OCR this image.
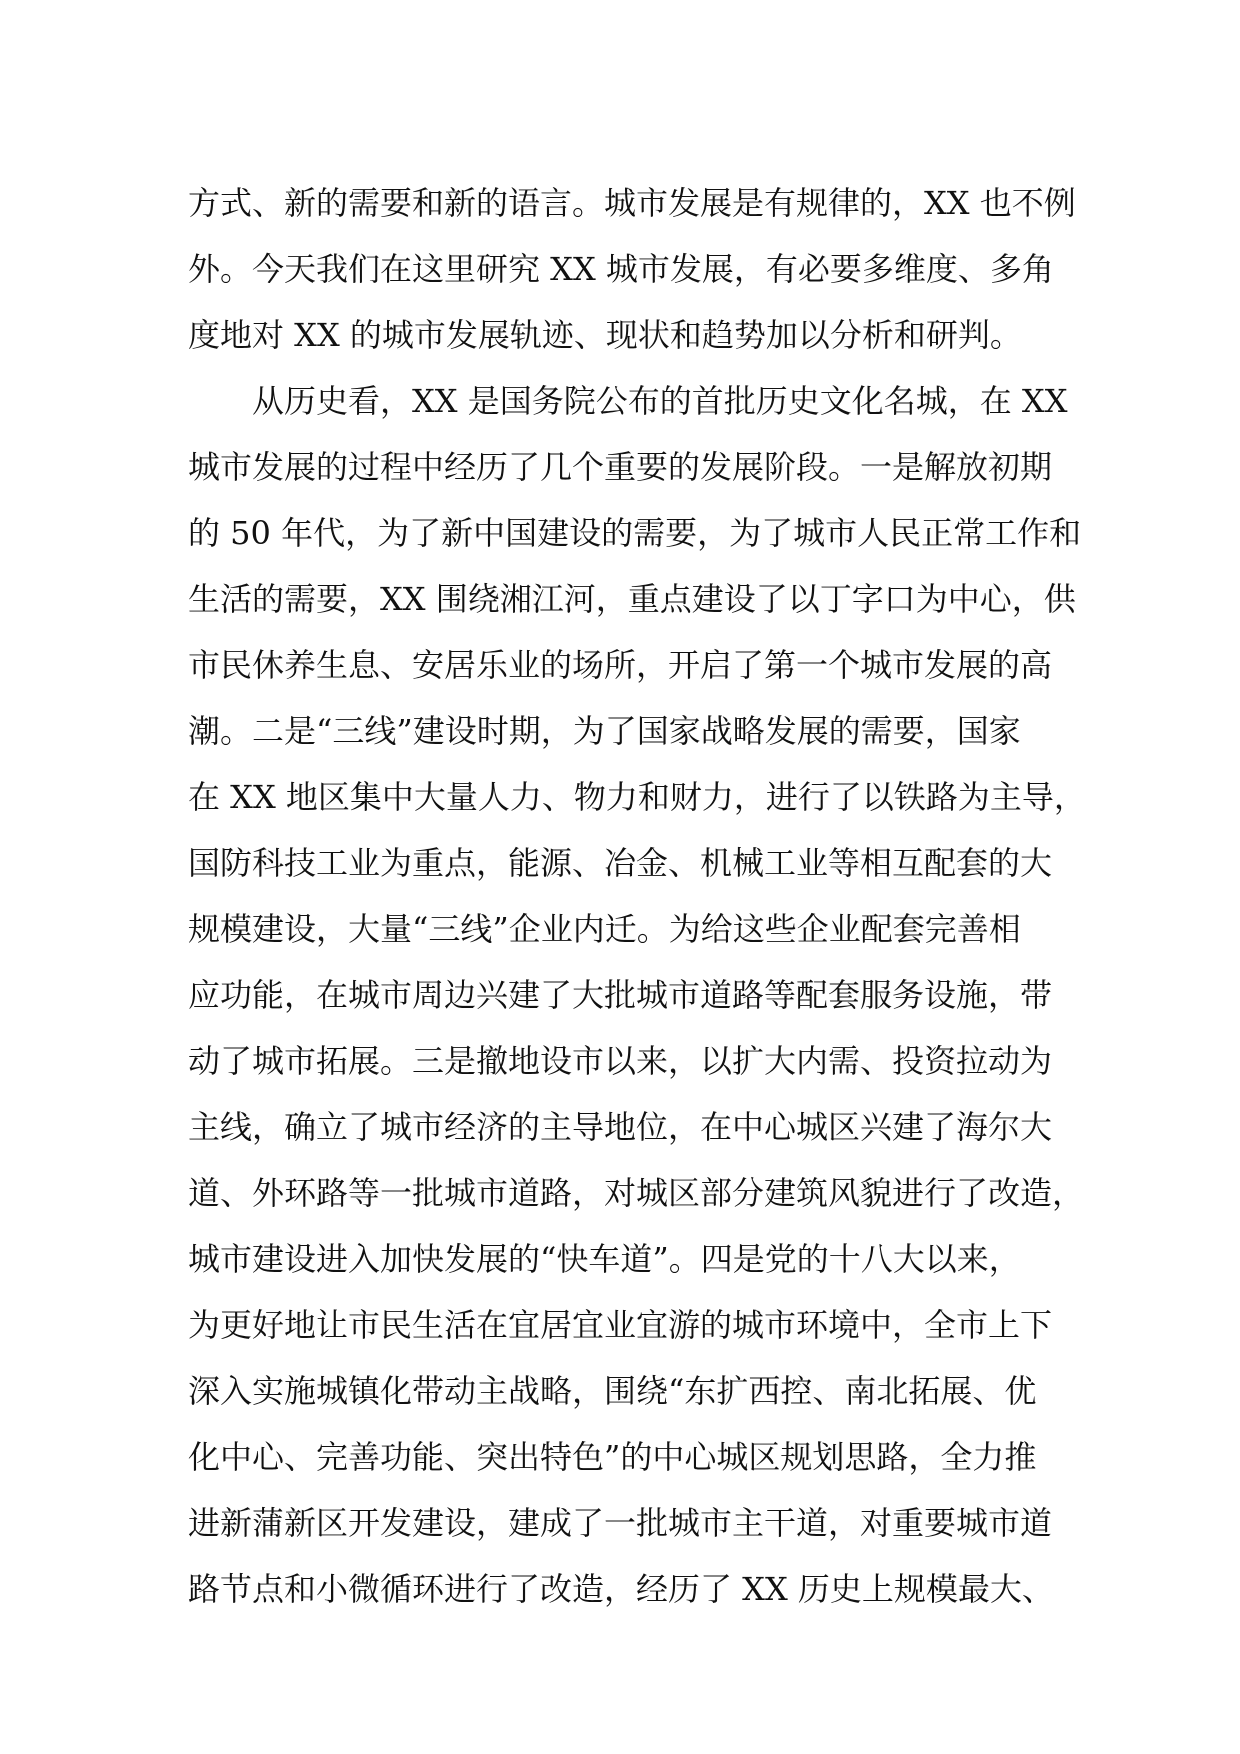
方式、新的需要和新的语言。城市发展是有规律的，XX 也不例
外。今天我们在这里研究 XX 城市发展，有必要多维度、多角
度地对 XX 的城市发展轨迹、现状和趋势加以分析和研判。
从历史看，XX 是国务院公布的首批历史文化名城，在 XX
城市发展的过程中经历了几个重要的发展阶段。一是解放初期
的 50 年代，为了新中国建设的需要，为了城市人民正常工作和
生活的需要，XX 围绕湘江河，重点建设了以丁字口为中心，供
市民休养生息、安居乐业的场所，开启了第一个城市发展的高
潮。二是“三线”建设时期，为了国家战略发展的需要，国家
在 XX 地区集中大量人力、物力和财力，进行了以铁路为主导，
国防科技工业为重点，能源、冶金、机械工业等相互配套的大
规模建设，大量“三线”企业内迁。为给这些企业配套完善相
应功能，在城市周边兴建了大批城市道路等配套服务设施，带
动了城市拓展。三是撤地设市以来，以扩大内需、投资拉动为
主线，确立了城市经济的主导地位，在中心城区兴建了海尔大
道、外环路等一批城市道路，对城区部分建筑风貌进行了改造，
城市建设进入加快发展的“快车道”。四是党的十八大以来，
为更好地让市民生活在宜居宜业宜游的城市环境中，全市上下
深入实施城镇化带动主战略，围绕“东扩西控、南北拓展、优
化中心、完善功能、突出特色”的中心城区规划思路，全力推
进新蒲新区开发建设，建成了一批城市主干道，对重要城市道
路节点和小微循环进行了改造，经历了 XX 历史上规模最大、
